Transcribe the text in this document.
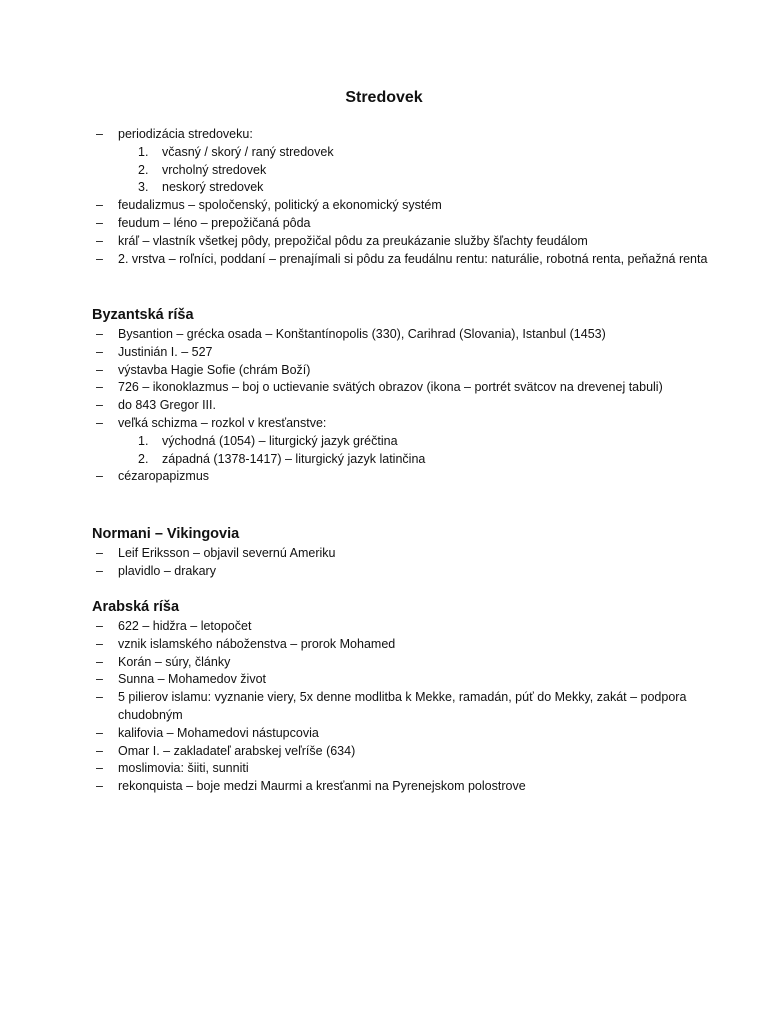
Stredovek
– periodizácia stredoveku:
1. včasný / skorý / raný stredovek
2. vrcholný stredovek
3. neskorý stredovek
– feudalizmus – spoločenský, politický a ekonomický systém
– feudum – léno – prepožičaná pôda
– kráľ – vlastník všetkej pôdy, prepožičal pôdu za preukázanie služby šľachty feudálom
– 2. vrstva – roľníci, poddaní – prenajímali si pôdu za feudálnu rentu: naturálie, robotná renta, peňažná renta
Byzantská ríša
– Bysantion – grécka osada – Konštantínopolis (330), Carihrad (Slovania), Istanbul (1453)
– Justinián I. – 527
– výstavba Hagie Sofie (chrám Boží)
– 726 – ikonoklazmus – boj o uctievanie svätých obrazov (ikona – portrét svätcov na drevenej tabuli)
– do 843 Gregor III.
– veľká schizma – rozkol v kresťanstve:
1. východná (1054) – liturgický jazyk gréčtina
2. západná (1378-1417) – liturgický jazyk latinčina
– cézaropapizmus
Normani – Vikingovia
– Leif Eriksson – objavil severnú Ameriku
– plavidlo – drakary
Arabská ríša
– 622 – hidžra – letopočet
– vznik islamského náboženstva – prorok Mohamed
– Korán – súry, články
– Sunna – Mohamedov život
– 5 pilierov islamu: vyznanie viery, 5x denne modlitba k Mekke, ramadán, púť do Mekky, zakát – podpora chudobným
– kalifovia – Mohamedovi nástupcovia
– Omar I. – zakladateľ arabskej veľríše (634)
– moslimovia: šiiti, sunniti
– rekonquista – boje medzi Maurmi a kresťanmi na Pyrenejskom polostrove
